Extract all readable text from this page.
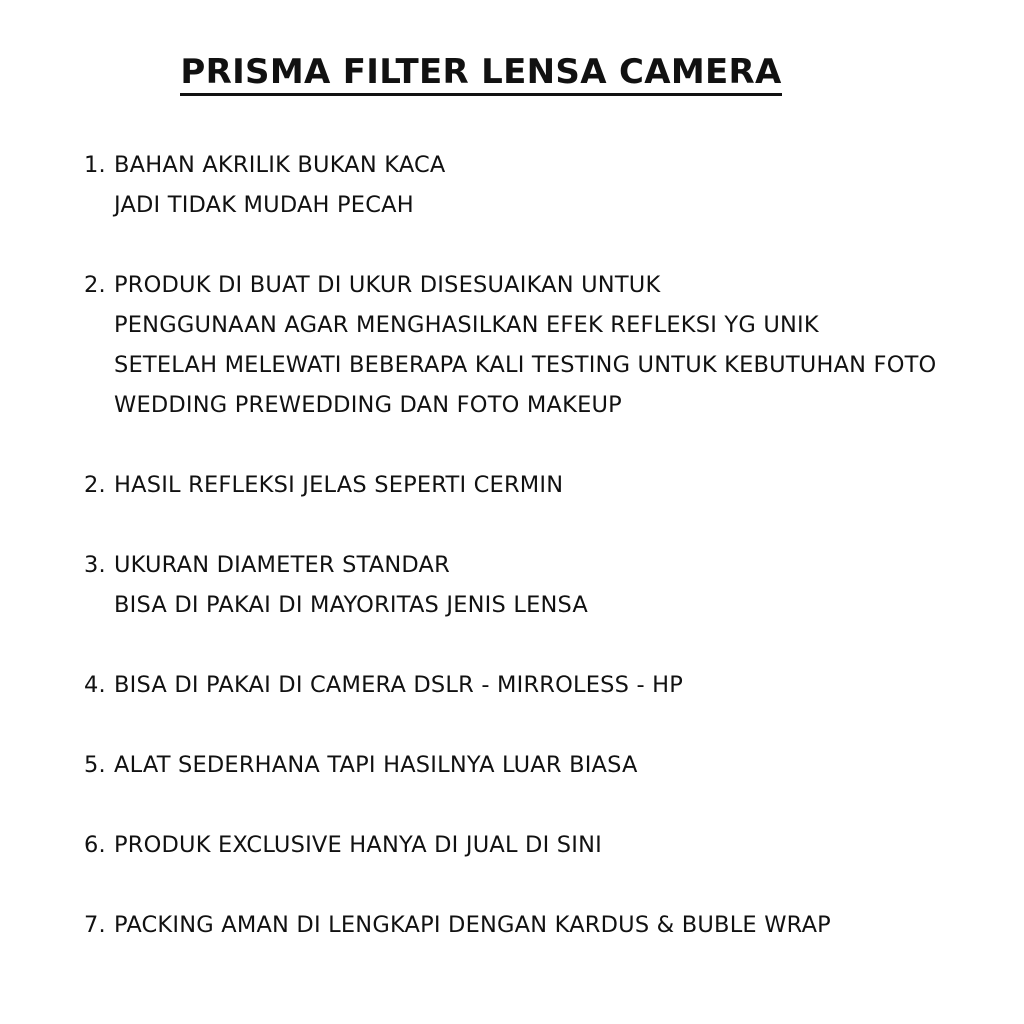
PRISMA FILTER LENSA CAMERA
1. BAHAN AKRILIK BUKAN KACA
JADI TIDAK MUDAH PECAH
2. PRODUK DI BUAT DI UKUR DISESUAIKAN UNTUK
PENGGUNAAN AGAR MENGHASILKAN EFEK REFLEKSI YG UNIK
SETELAH MELEWATI BEBERAPA KALI TESTING UNTUK KEBUTUHAN FOTO
WEDDING PREWEDDING DAN FOTO MAKEUP
2. HASIL REFLEKSI JELAS SEPERTI CERMIN
3. UKURAN DIAMETER STANDAR
BISA DI PAKAI DI MAYORITAS JENIS LENSA
4. BISA DI PAKAI DI CAMERA DSLR - MIRROLESS - HP
5. ALAT SEDERHANA TAPI HASILNYA LUAR BIASA
6. PRODUK EXCLUSIVE HANYA DI JUAL DI SINI
7. PACKING AMAN DI LENGKAPI DENGAN KARDUS & BUBLE WRAP
